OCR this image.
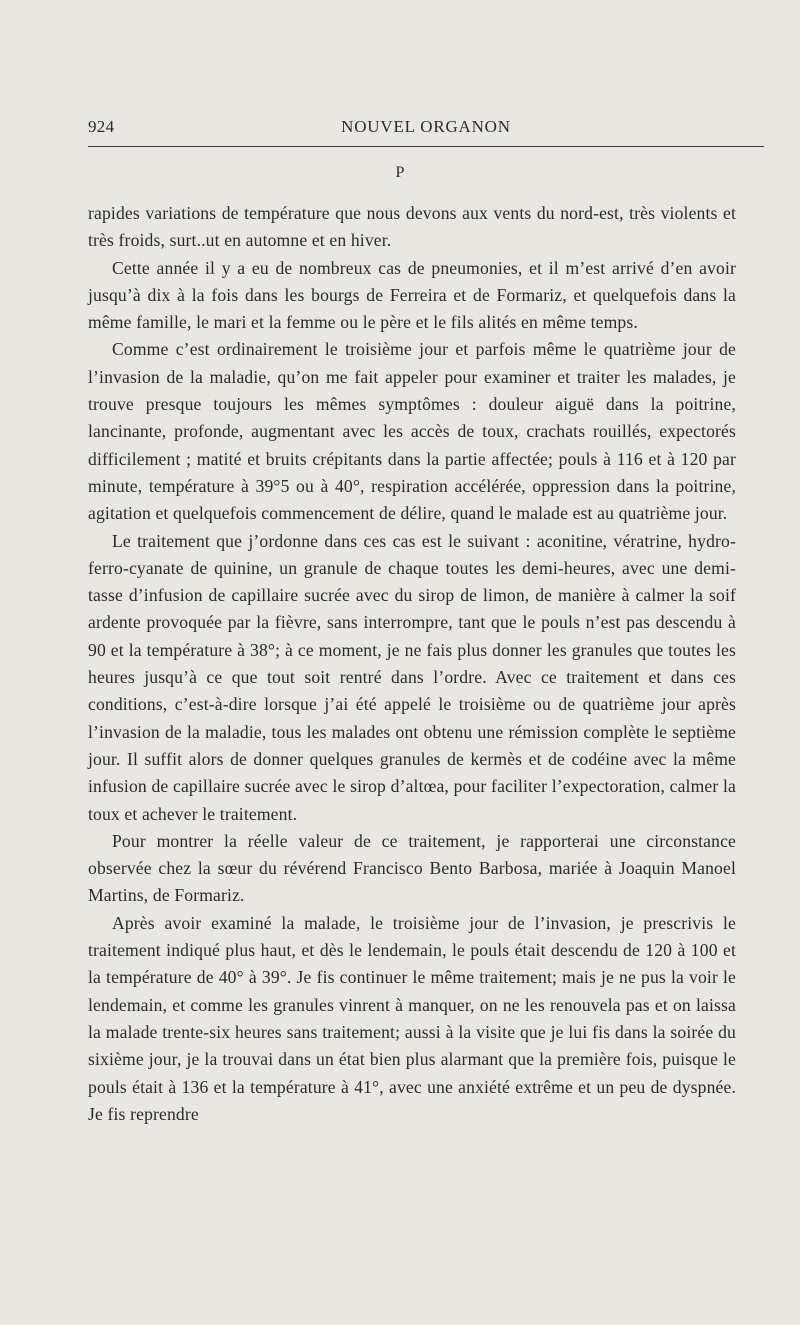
924	NOUVEL ORGANON
P

rapides variations de température que nous devons aux vents du nord-est, très violents et très froids, surt..ut en automne et en hiver.

Cette année il y a eu de nombreux cas de pneumonies, et il m’est arrivé d’en avoir jusqu’à dix à la fois dans les bourgs de Ferreira et de Formariz, et quelquefois dans la même famille, le mari et la femme ou le père et le fils alités en même temps.

Comme c’est ordinairement le troisième jour et parfois même le quatrième jour de l’invasion de la maladie, qu’on me fait appeler pour examiner et traiter les malades, je trouve presque toujours les mêmes symptômes : douleur aiguë dans la poitrine, lancinante, profonde, augmentant avec les accès de toux, crachats rouillés, expectorés difficilement ; matité et bruits crépitants dans la partie affectée; pouls à 116 et à 120 par minute, température à 39°5 ou à 40°, respiration accélérée, oppression dans la poitrine, agitation et quelquefois commencement de délire, quand le malade est au quatrième jour.

Le traitement que j’ordonne dans ces cas est le suivant : aconitine, vératrine, hydro-ferro-cyanate de quinine, un granule de chaque toutes les demi-heures, avec une demi-tasse d’infusion de capillaire sucrée avec du sirop de limon, de manière à calmer la soif ardente provoquée par la fièvre, sans interrompre, tant que le pouls n’est pas descendu à 90 et la température à 38°; à ce moment, je ne fais plus donner les granules que toutes les heures jusqu’à ce que tout soit rentré dans l’ordre. Avec ce traitement et dans ces conditions, c’est-à-dire lorsque j’ai été appelé le troisième ou de quatrième jour après l’invasion de la maladie, tous les malades ont obtenu une rémission complète le septième jour. Il suffit alors de donner quelques granules de kermès et de codéine avec la même infusion de capillaire sucrée avec le sirop d’altœa, pour faciliter l’expectoration, calmer la toux et achever le traitement.

Pour montrer la réelle valeur de ce traitement, je rapporterai une circonstance observée chez la sœur du révérend Francisco Bento Barbosa, mariée à Joaquin Manoel Martins, de Formariz.

Après avoir examiné la malade, le troisième jour de l’invasion, je prescrivis le traitement indiqué plus haut, et dès le lendemain, le pouls était descendu de 120 à 100 et la température de 40° à 39°. Je fis continuer le même traitement; mais je ne pus la voir le lendemain, et comme les granules vinrent à manquer, on ne les renouvela pas et on laissa la malade trente-six heures sans traitement; aussi à la visite que je lui fis dans la soirée du sixième jour, je la trouvai dans un état bien plus alarmant que la première fois, puisque le pouls était à 136 et la température à 41°, avec une anxiété extrême et un peu de dyspnée. Je fis reprendre
